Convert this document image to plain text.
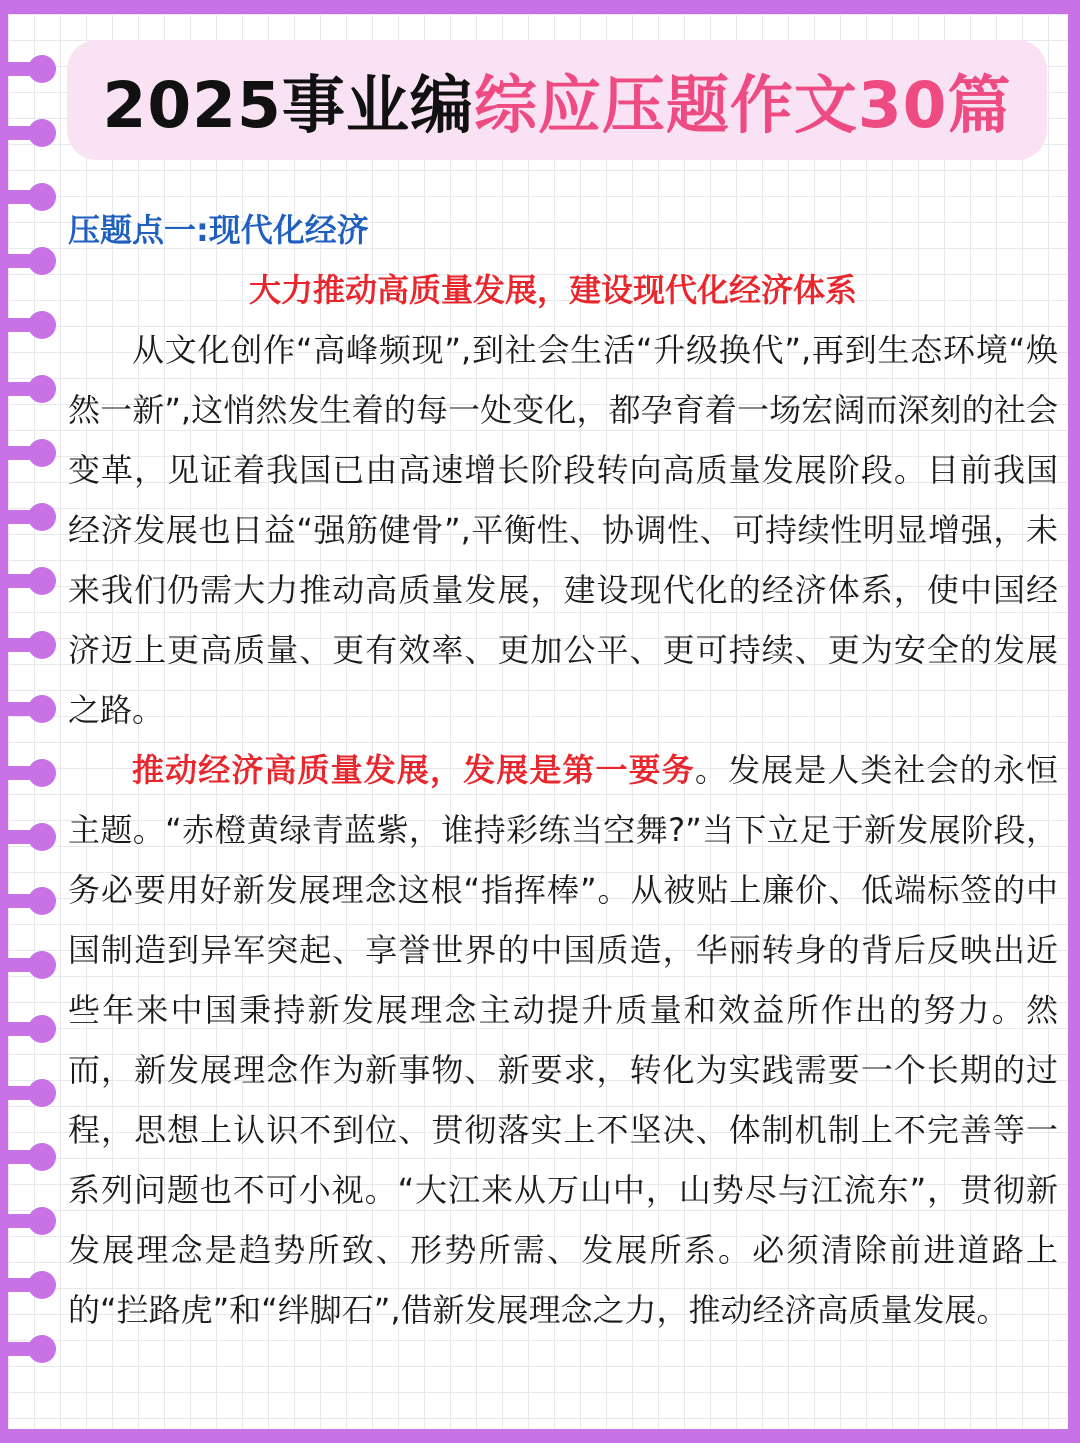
2025事业编综应压题作文30篇
压题点一:现代化经济
大力推动高质量发展，建设现代化经济体系

从文化创作“高峰频现”,到社会生活“升级换代”,再到生态环境“焕然一新”,这悄然发生着的每一处变化，都孕育着一场宏阔而深刻的社会变革，见证着我国已由高速增长阶段转向高质量发展阶段。目前我国经济发展也日益“强筋健骨”,平衡性、协调性、可持续性明显增强，未来我们仍需大力推动高质量发展，建设现代化的经济体系，使中国经济迈上更高质量、更有效率、更加公平、更可持续、更为安全的发展之路。

推动经济高质量发展，发展是第一要务。发展是人类社会的永恒主题。“赤橙黄绿青蓝紫，谁持彩练当空舞?”当下立足于新发展阶段，务必要用好新发展理念这根“指挥棒”。从被贴上廉价、低端标签的中国制造到异军突起、享誉世界的中国质造，华丽转身的背后反映出近些年来中国秉持新发展理念主动提升质量和效益所作出的努力。然而，新发展理念作为新事物、新要求，转化为实践需要一个长期的过程，思想上认识不到位、贯彻落实上不坚决、体制机制上不完善等一系列问题也不可小视。“大江来从万山中，山势尽与江流东”，贯彻新发展理念是趋势所致、形势所需、发展所系。必须清除前进道路上的“拦路虎”和“绊脚石”,借新发展理念之力，推动经济高质量发展。
